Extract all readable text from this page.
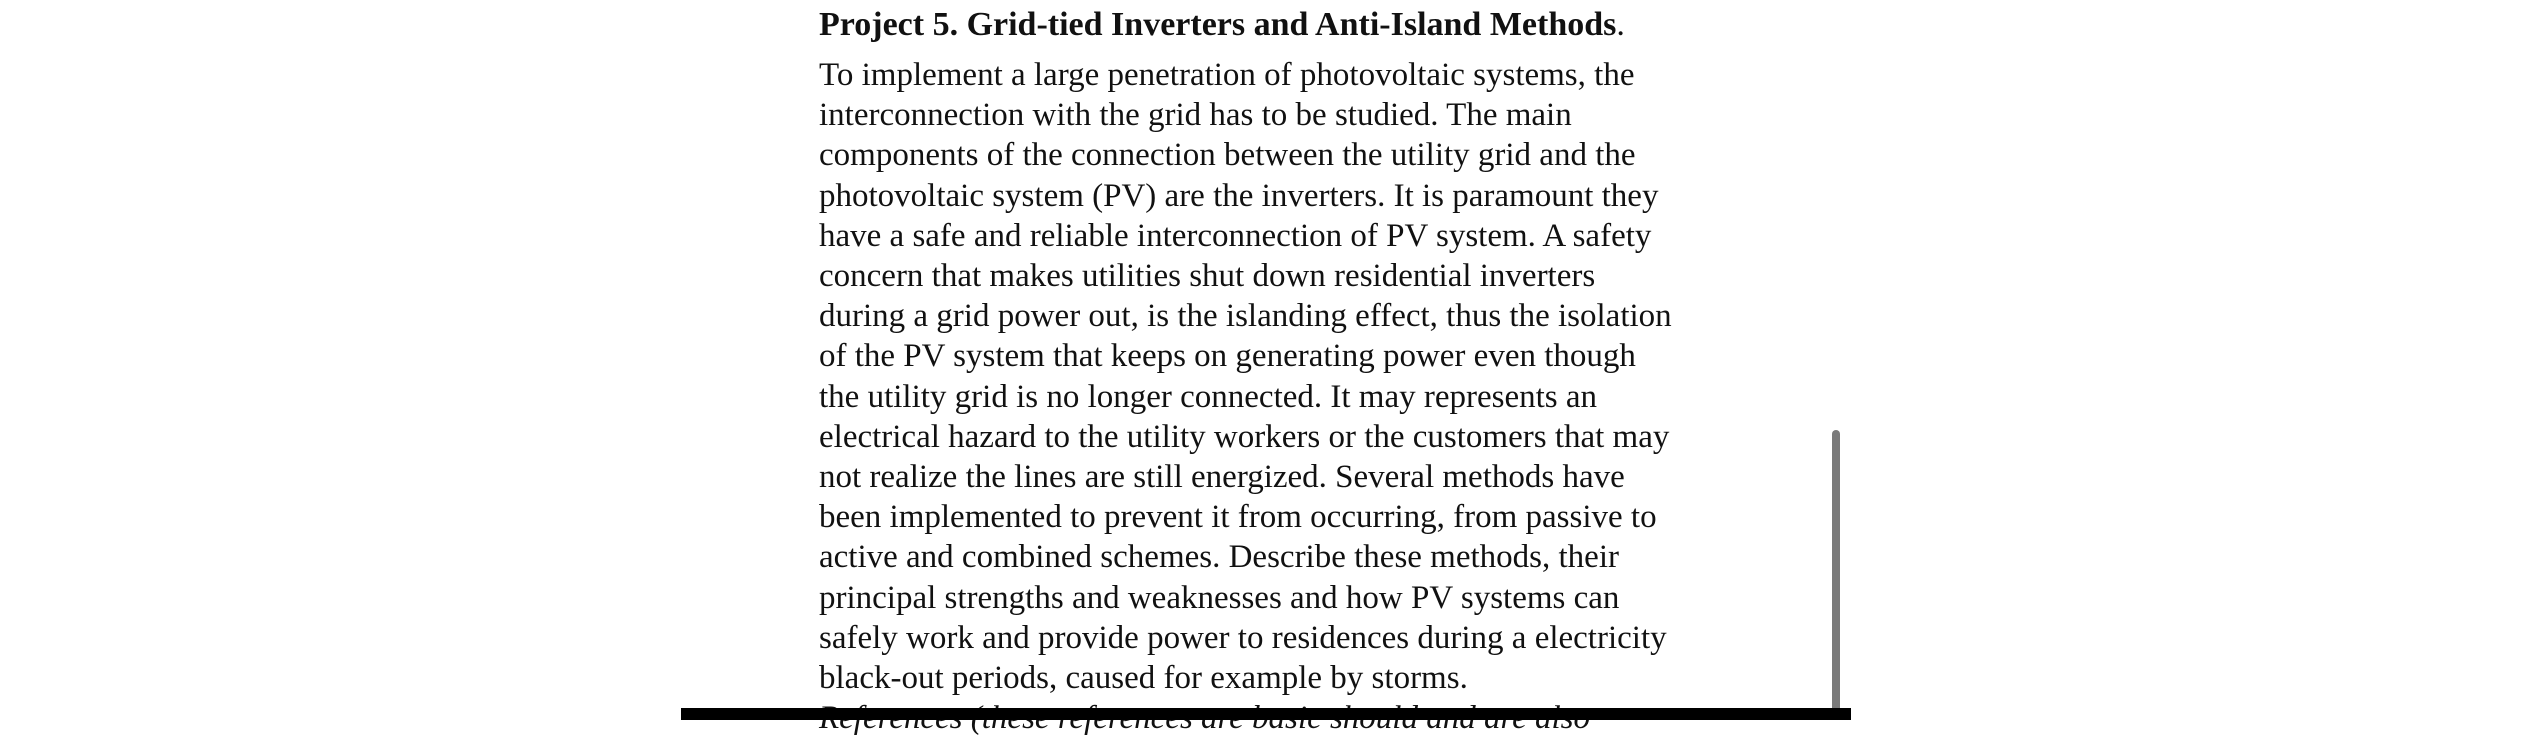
Project 5. Grid-tied Inverters and Anti-Island Methods.
To implement a large penetration of photovoltaic systems, the
interconnection with the grid has to be studied. The main
components of the connection between the utility grid and the
photovoltaic system (PV) are the inverters. It is paramount they
have a safe and reliable interconnection of PV system. A safety
concern that makes utilities shut down residential inverters
during a grid power out, is the islanding effect, thus the isolation
of the PV system that keeps on generating power even though
the utility grid is no longer connected. It may represents an
electrical hazard to the utility workers or the customers that may
not realize the lines are still energized. Several methods have
been implemented to prevent it from occurring, from passive to
active and combined schemes. Describe these methods, their
principal strengths and weaknesses and how PV systems can
safely work and provide power to residences during a electricity
black-out periods, caused for example by storms.
